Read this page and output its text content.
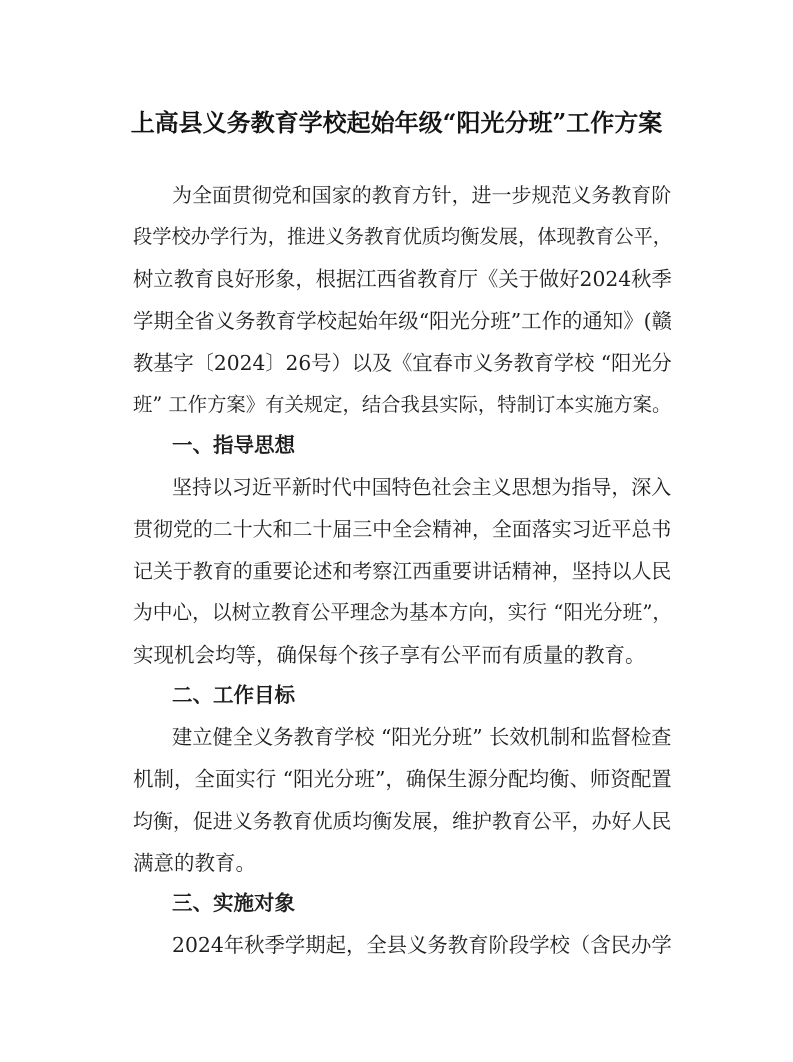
上高县义务教育学校起始年级“阳光分班”工作方案

为全面贯彻党和国家的教育方针，进一步规范义务教育阶

段学校办学行为，推进义务教育优质均衡发展，体现教育公平，

树立教育良好形象，根据江西省教育厅《关于做好2024秋季

学期全省义务教育学校起始年级“阳光分班”工作的通知》(赣

教基字〔2024〕26号）以及《宜春市义务教育学校 “阳光分

班” 工作方案》有关规定，结合我县实际，特制订本实施方案。

一、指导思想

坚持以习近平新时代中国特色社会主义思想为指导，深入

贯彻党的二十大和二十届三中全会精神，全面落实习近平总书

记关于教育的重要论述和考察江西重要讲话精神，坚持以人民

为中心，以树立教育公平理念为基本方向，实行 “阳光分班”，

实现机会均等，确保每个孩子享有公平而有质量的教育。

二、工作目标

建立健全义务教育学校 “阳光分班” 长效机制和监督检查

机制，全面实行 “阳光分班”，确保生源分配均衡、师资配置

均衡，促进义务教育优质均衡发展，维护教育公平，办好人民

满意的教育。

三、实施对象

2024年秋季学期起，全县义务教育阶段学校（含民办学
